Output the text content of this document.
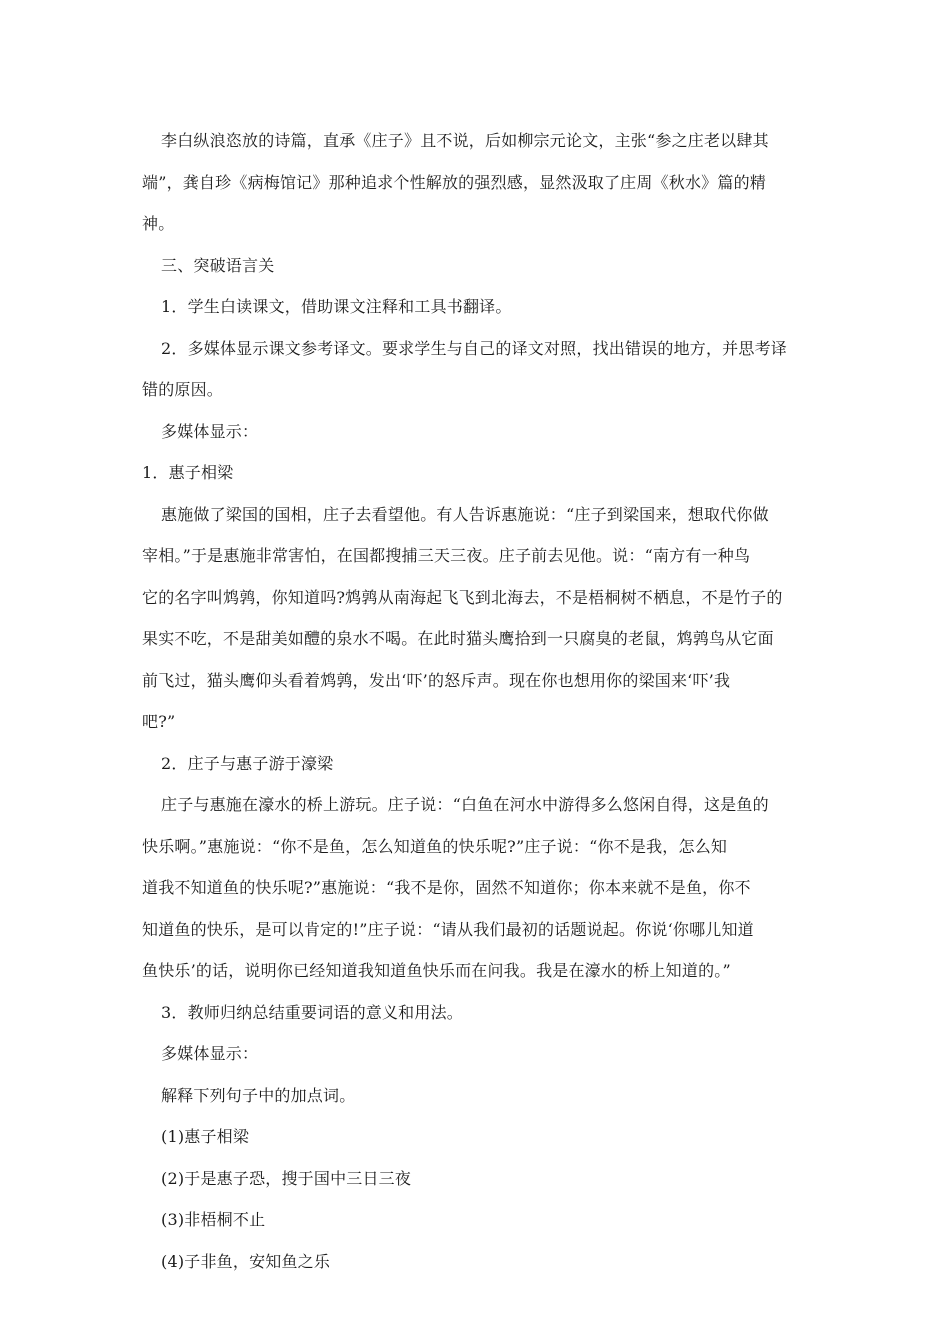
李白纵浪恣放的诗篇，直承《庄子》且不说，后如柳宗元论文，主张“参之庄老以肆其
端”，龚自珍《病梅馆记》那种追求个性解放的强烈感，显然汲取了庄周《秋水》篇的精
神。
三、突破语言关
1．学生白读课文，借助课文注释和工具书翻译。
2．多媒体显示课文参考译文。要求学生与自己的译文对照，找出错误的地方，并思考译
错的原因。
多媒体显示：
1．惠子相梁
惠施做了梁国的国相，庄子去看望他。有人告诉惠施说：“庄子到梁国来，想取代你做
宰相。”于是惠施非常害怕，在国都搜捕三天三夜。庄子前去见他。说：“南方有一种鸟
它的名字叫鸩鹑，你知道吗?鸩鹑从南海起飞飞到北海去，不是梧桐树不栖息，不是竹子的
果实不吃，不是甜美如醴的泉水不喝。在此时猫头鹰拾到一只腐臭的老鼠，鸩鹑鸟从它面
前飞过，猫头鹰仰头看着鸩鹑，发出‘吓’的怒斥声。现在你也想用你的梁国来‘吓’我
吧?”
2．庄子与惠子游于濠梁
庄子与惠施在濠水的桥上游玩。庄子说：“白鱼在河水中游得多么悠闲自得，这是鱼的
快乐啊。”惠施说：“你不是鱼，怎么知道鱼的快乐呢?”庄子说：“你不是我，怎么知
道我不知道鱼的快乐呢?”惠施说：“我不是你，固然不知道你；你本来就不是鱼，你不
知道鱼的快乐，是可以肯定的!”庄子说：“请从我们最初的话题说起。你说‘你哪儿知道
鱼快乐’的话，说明你已经知道我知道鱼快乐而在问我。我是在濠水的桥上知道的。”
3．教师归纳总结重要词语的意义和用法。
多媒体显示：
解释下列句子中的加点词。
(1)惠子相梁
(2)于是惠子恐，搜于国中三日三夜
(3)非梧桐不止
(4)子非鱼，安知鱼之乐
